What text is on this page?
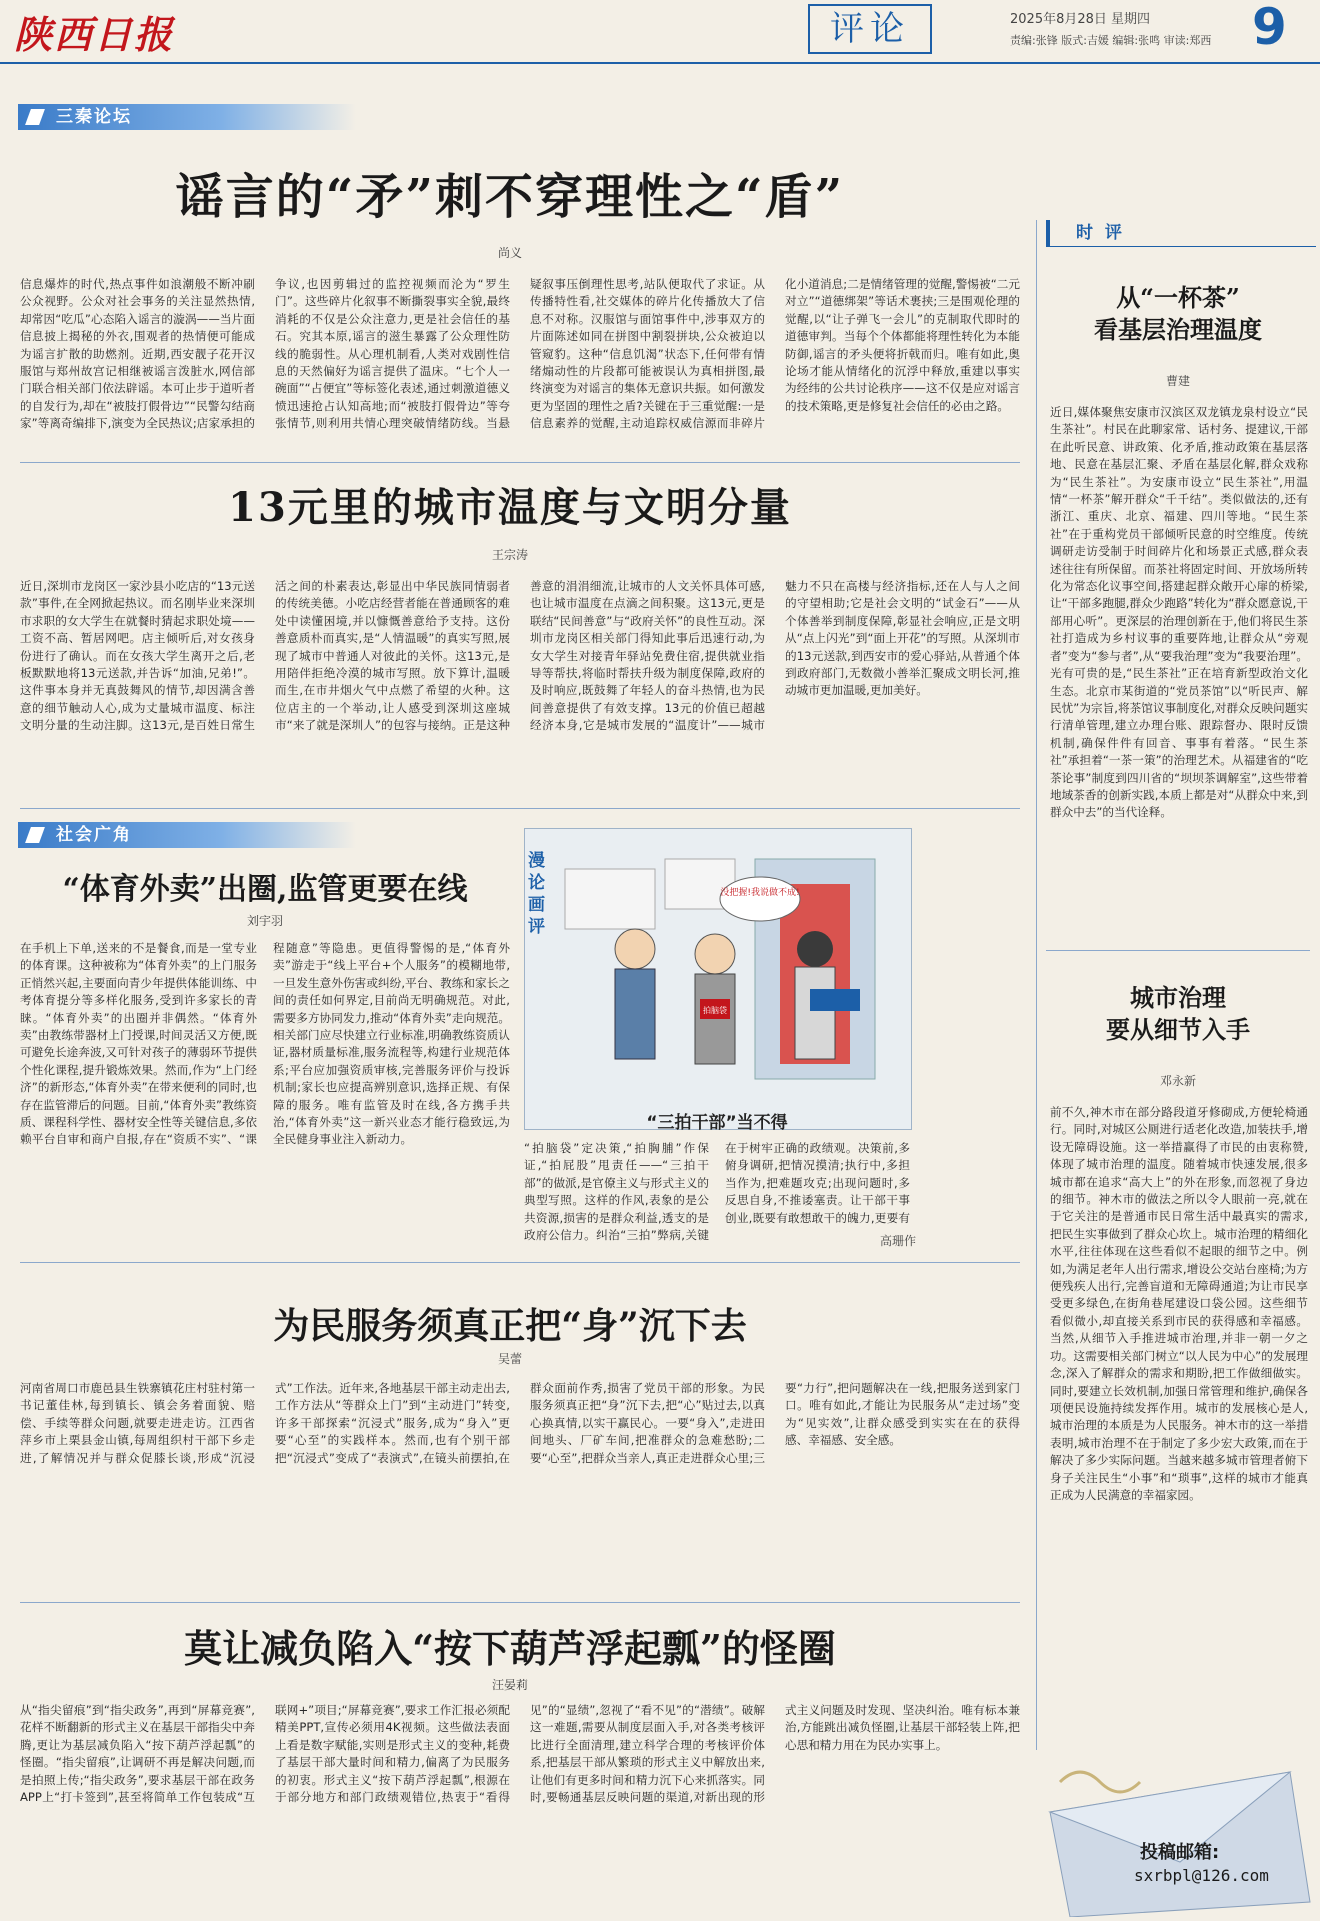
陕西日报	评论	2025年8月28日 星期四
责编:张锋 版式:吉媛 编辑:张鸣 审读:郑西 9
三秦论坛
谣言的“矛”刺不穿理性之“盾”
尚义
信息爆炸的时代,热点事件如浪潮般不断冲刷公众视野。公众对社会事务的关注显然热情,却常因“吃瓜”心态陷入谣言的漩涡——当片面信息披上揭秘的外衣,围观者的热情便可能成为谣言扩散的助燃剂。近期,西安靓子花开汉服馆与郑州故宫记相继被谣言泼脏水,网信部门联合相关部门依法辟谣。本可止步于道听者的自发行为,却在“被肢打假骨边”“民警勾结商家”等离奇编排下,演变为全民热议;店家承担的争议,也因剪辑过的监控视频而沦为“罗生门”。这些碎片化叙事不断撕裂事实全貌,最终消耗的不仅是公众注意力,更是社会信任的基石。究其本原,谣言的滋生暴露了公众理性防线的脆弱性。从心理机制看,人类对戏剧性信息的天然偏好为谣言提供了温床。“七个人一碗面”“占便宜”等标签化表述,通过刺激道德义愤迅速抢占认知高地;而“被肢打假骨边”等夸张情节,则利用共情心理突破情绪防线。当悬疑叙事压倒理性思考,站队便取代了求证。从传播特性看,社交媒体的碎片化传播放大了信息不对称。汉服馆与面馆事件中,涉事双方的片面陈述如同在拼图中割裂拼块,公众被迫以管窥豹。这种“信息饥渴”状态下,任何带有情绪煽动性的片段都可能被误认为真相拼图,最终演变为对谣言的集体无意识共振。如何激发更为坚固的理性之盾?关键在于三重觉醒:一是信息素养的觉醒,主动追踪权威信源而非碎片化小道消息;二是情绪管理的觉醒,警惕被“二元对立”“道德绑架”等话术裹挟;三是围观伦理的觉醒,以“让子弹飞一会儿”的克制取代即时的道德审判。当每个个体都能将理性转化为本能防御,谣言的矛头便将折戟而归。唯有如此,奥论场才能从情绪化的沉浮中释放,重建以事实为经纬的公共讨论秩序——这不仅是应对谣言的技术策略,更是修复社会信任的必由之路。
13元里的城市温度与文明分量
王宗涛
近日,深圳市龙岗区一家沙县小吃店的“13元送款”事件,在全网掀起热议。而名刚毕业来深圳市求职的女大学生在就餐时猜起求职处境——工资不高、暂居网吧。店主倾听后,对女孩身份进行了确认。而在女孩大学生离开之后,老板默默地将13元送款,并告诉“加油,兄弟!”。这件事本身并无真鼓舞风的情节,却因满含善意的细节触动人心,成为丈量城市温度、标注文明分量的生动注脚。这13元,是百姓日常生活之间的朴素表达,彰显出中华民族同情弱者的传统美德。小吃店经营者能在普通顾客的难处中读懂困境,并以慷慨善意给予支持。这份善意质朴而真实,是“人情温暖”的真实写照,展现了城市中普通人对彼此的关怀。这13元,是用陪伴拒绝冷漠的城市写照。放下算计,温暖而生,在市井烟火气中点燃了希望的火种。这位店主的一个举动,让人感受到深圳这座城市“来了就是深圳人”的包容与接纳。正是这种善意的涓涓细流,让城市的人文关怀具体可感,也让城市温度在点滴之间积聚。这13元,更是联结“民间善意”与“政府关怀”的良性互动。深圳市龙岗区相关部门得知此事后迅速行动,为女大学生对接青年驿站免费住宿,提供就业指导等帮扶,将临时帮扶升级为制度保障,政府的及时响应,既鼓舞了年轻人的奋斗热情,也为民间善意提供了有效支撑。13元的价值已超越经济本身,它是城市发展的“温度计”——城市魅力不只在高楼与经济指标,还在人与人之间的守望相助;它是社会文明的“试金石”——从个体善举到制度保障,彰显社会响应,正是文明从“点上闪光”到“面上开花”的写照。从深圳市的13元送款,到西安市的爱心驿站,从普通个体到政府部门,无数微小善举汇聚成文明长河,推动城市更加温暖,更加美好。
社会广角
“体育外卖”出圈,监管更要在线
刘宇羽
在手机上下单,送来的不是餐食,而是一堂专业的体育课。这种被称为“体育外卖”的上门服务正悄然兴起,主要面向青少年提供体能训练、中考体育提分等多样化服务,受到许多家长的青睐。“体育外卖”的出圈并非偶然。“体育外卖”由教练带器材上门授课,时间灵活又方便,既可避免长途奔波,又可针对孩子的薄弱环节提供个性化课程,提升锻炼效果。然而,作为“上门经济”的新形态,“体育外卖”在带来便利的同时,也存在监管滞后的问题。目前,“体育外卖”教练资质、课程科学性、器材安全性等关键信息,多依赖平台自审和商户自报,存在“资质不实”、“课程随意”等隐患。更值得警惕的是,“体育外卖”游走于“线上平台+个人服务”的模糊地带,一旦发生意外伤害或纠纷,平台、教练和家长之间的责任如何界定,目前尚无明确规范。对此,需要多方协同发力,推动“体育外卖”走向规范。相关部门应尽快建立行业标准,明确教练资质认证,器材质量标准,服务流程等,构建行业规范体系;平台应加强资质审核,完善服务评价与投诉机制;家长也应提高辨别意识,选择正规、有保障的服务。唯有监管及时在线,各方携手共治,“体育外卖”这一新兴业态才能行稳致远,为全民健身事业注入新动力。
没把握!我说做不成!
拍脑袋
漫论画评
“三拍干部”当不得
“拍脑袋”定决策,“拍胸脯”作保证,“拍屁股”甩责任——“三拍干部”的做派,是官僚主义与形式主义的典型写照。这样的作风,表象的是公共资源,损害的是群众利益,透支的是政府公信力。纠治“三拍”弊病,关键在于树牢正确的政绩观。决策前,多俯身调研,把情况摸清;执行中,多担当作为,把难题攻克;出现问题时,多反思自身,不推诿塞责。让干部干事创业,既要有敢想敢干的魄力,更要有
高珊作
为民服务须真正把“身”沉下去
吴蕾
河南省周口市鹿邑县生铁寨镇花庄村驻村第一书记董佳林,每到镇长、镇会务着面貌、赔偿、手续等群众问题,就要走进走访。江西省萍乡市上栗县金山镇,每周组织村干部下乡走进,了解情况并与群众促膝长谈,形成“沉浸式”工作法。近年来,各地基层干部主动走出去,工作方法从“等群众上门”到“主动进门”转变,许多干部探索“沉浸式”服务,成为“身入”更要“心至”的实践样本。然而,也有个别干部把“沉浸式”变成了“表演式”,在镜头前摆拍,在群众面前作秀,损害了党员干部的形象。为民服务须真正把“身”沉下去,把“心”贴过去,以真心换真情,以实干赢民心。一要“身入”,走进田间地头、厂矿车间,把准群众的急难愁盼;二要“心至”,把群众当亲人,真正走进群众心里;三要“力行”,把问题解决在一线,把服务送到家门口。唯有如此,才能让为民服务从“走过场”变为“见实效”,让群众感受到实实在在的获得感、幸福感、安全感。
莫让减负陷入“按下葫芦浮起瓢”的怪圈
汪晏莉
从“指尖留痕”到“指尖政务”,再到“屏幕竞赛”,花样不断翻新的形式主义在基层干部指尖中奔腾,更让为基层减负陷入“按下葫芦浮起瓢”的怪圈。“指尖留痕”,让调研不再是解决问题,而是拍照上传;“指尖政务”,要求基层干部在政务APP上“打卡签到”,甚至将简单工作包装成“互联网+”项目;“屏幕竞赛”,要求工作汇报必须配精美PPT,宣传必须用4K视频。这些做法表面上看是数字赋能,实则是形式主义的变种,耗费了基层干部大量时间和精力,偏离了为民服务的初衷。形式主义“按下葫芦浮起瓢”,根源在于部分地方和部门政绩观错位,热衷于“看得见”的“显绩”,忽视了“看不见”的“潜绩”。破解这一难题,需要从制度层面入手,对各类考核评比进行全面清理,建立科学合理的考核评价体系,把基层干部从繁琐的形式主义中解放出来,让他们有更多时间和精力沉下心来抓落实。同时,要畅通基层反映问题的渠道,对新出现的形式主义问题及时发现、坚决纠治。唯有标本兼治,方能跳出减负怪圈,让基层干部轻装上阵,把心思和精力用在为民办实事上。
时 评
从“一杯茶”
看基层治理温度
曹建
近日,媒体聚焦安康市汉滨区双龙镇龙泉村设立“民生茶社”。村民在此聊家常、话村务、提建议,干部在此听民意、讲政策、化矛盾,推动政策在基层落地、民意在基层汇聚、矛盾在基层化解,群众戏称为“民生茶社”。为安康市设立“民生茶社”,用温情“一杯茶”解开群众“千千结”。类似做法的,还有浙江、重庆、北京、福建、四川等地。“民生茶社”在于重构党员干部倾听民意的时空维度。传统调研走访受制于时间碎片化和场景正式感,群众表述往往有所保留。而茶社将固定时间、开放场所转化为常态化议事空间,搭建起群众敞开心扉的桥梁,让“干部多跑腿,群众少跑路”转化为“群众愿意说,干部用心听”。更深层的治理创新在于,他们将民生茶社打造成为乡村议事的重要阵地,让群众从“旁观者”变为“参与者”,从“要我治理”变为“我要治理”。光有可贵的是,“民生茶社”正在培育新型政治文化生态。北京市某街道的“党员茶馆”以“听民声、解民忧”为宗旨,将茶馆议事制度化,对群众反映问题实行清单管理,建立办理台账、跟踪督办、限时反馈机制,确保件件有回音、事事有着落。“民生茶社”承担着“一茶一策”的治理艺术。从福建省的“吃茶论事”制度到四川省的“坝坝茶调解室”,这些带着地域茶香的创新实践,本质上都是对“从群众中来,到群众中去”的当代诠释。
城市治理
要从细节入手
邓永新
前不久,神木市在部分路段道牙修砌成,方便轮椅通行。同时,对城区公厕进行适老化改造,加装扶手,增设无障碍设施。这一举措赢得了市民的由衷称赞,体现了城市治理的温度。随着城市快速发展,很多城市都在追求“高大上”的外在形象,而忽视了身边的细节。神木市的做法之所以令人眼前一亮,就在于它关注的是普通市民日常生活中最真实的需求,把民生实事做到了群众心坎上。城市治理的精细化水平,往往体现在这些看似不起眼的细节之中。例如,为满足老年人出行需求,增设公交站台座椅;为方便残疾人出行,完善盲道和无障碍通道;为让市民享受更多绿色,在街角巷尾建设口袋公园。这些细节看似微小,却直接关系到市民的获得感和幸福感。当然,从细节入手推进城市治理,并非一朝一夕之功。这需要相关部门树立“以人民为中心”的发展理念,深入了解群众的需求和期盼,把工作做细做实。同时,要建立长效机制,加强日常管理和维护,确保各项便民设施持续发挥作用。城市的发展核心是人,城市治理的本质是为人民服务。神木市的这一举措表明,城市治理不在于制定了多少宏大政策,而在于解决了多少实际问题。当越来越多城市管理者俯下身子关注民生“小事”和“琐事”,这样的城市才能真正成为人民满意的幸福家园。
投稿邮箱:
sxrbpl@126.com
